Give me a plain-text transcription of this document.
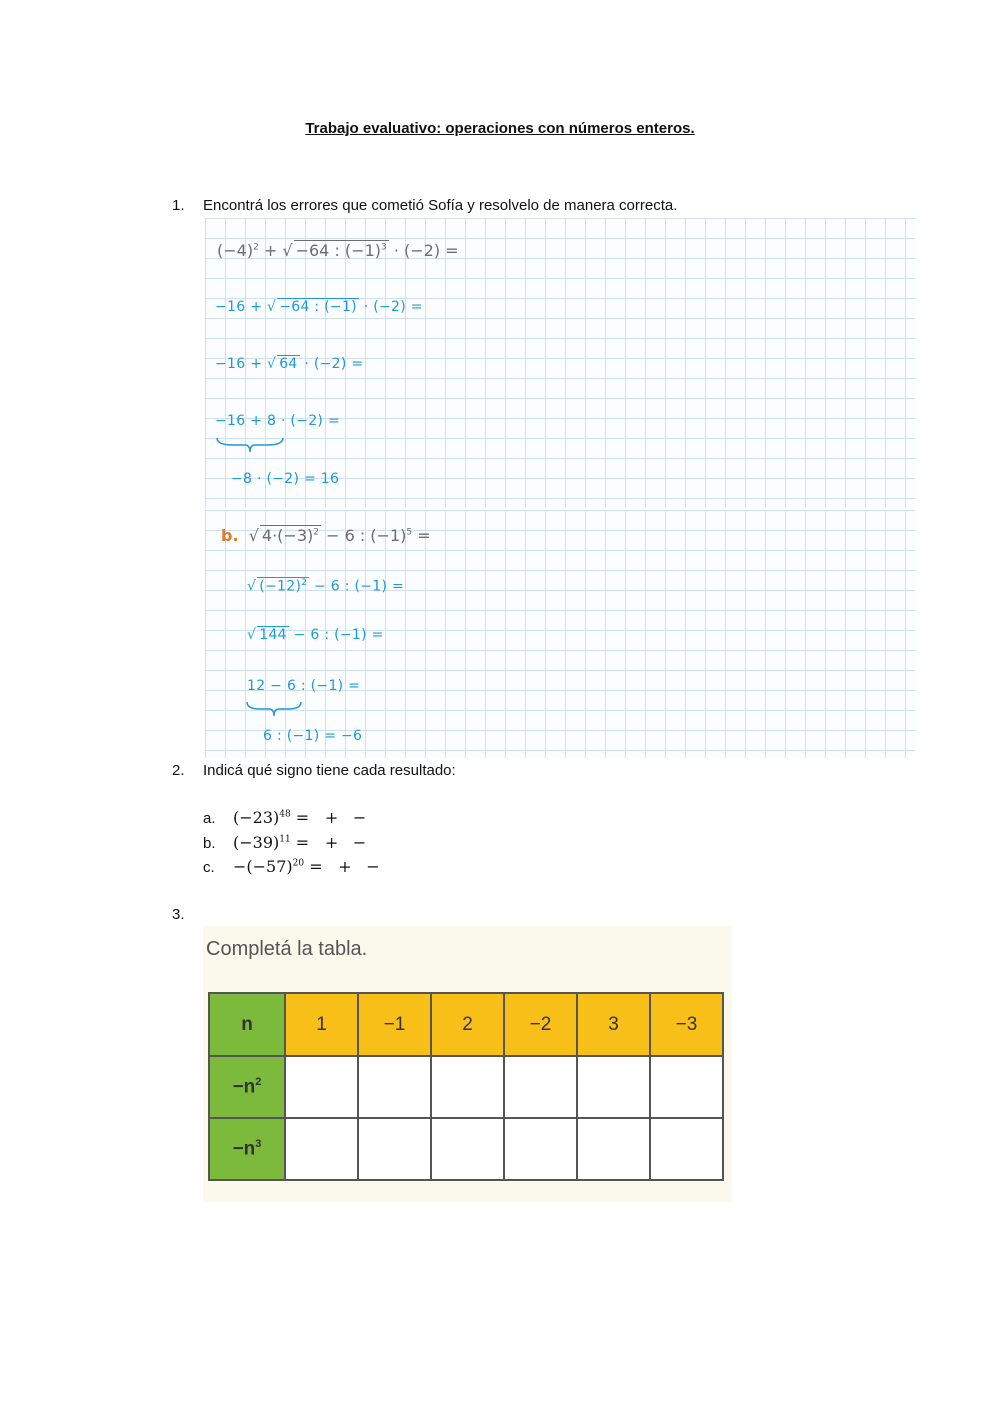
Trabajo evaluativo: operaciones con números enteros.
1. Encontrá los errores que cometió Sofía y resolvelo de manera correcta.
$(-4)^2$ + √ −64 : $(-1)^3 \cdot (-2)$ =
−16 + √ −64 : (−1) · (−2) =
−16 + √ 64 · (−2) =
−16 + 8 · (−2) =
−8 · (−2) = 16
b.  √ $4\cdot(-3)^2 - 6$ : $(-1)^5$ =
√ $(-12)^2 - 6$ : (−1) =
√ 144 − 6 : (−1) =
12 − 6 : (−1) =
6 : (−1) = −6
2. Indicá qué signo tiene cada resultado:
a. $(-23)^{48}$ = + −
b. $(-39)^{11}$ = + −
c. $-(-57)^{20}$ = + −
3.
Completá la tabla.
n	1	−1	2	−2	3	−3
$-n^2$						
$-n^3$						
